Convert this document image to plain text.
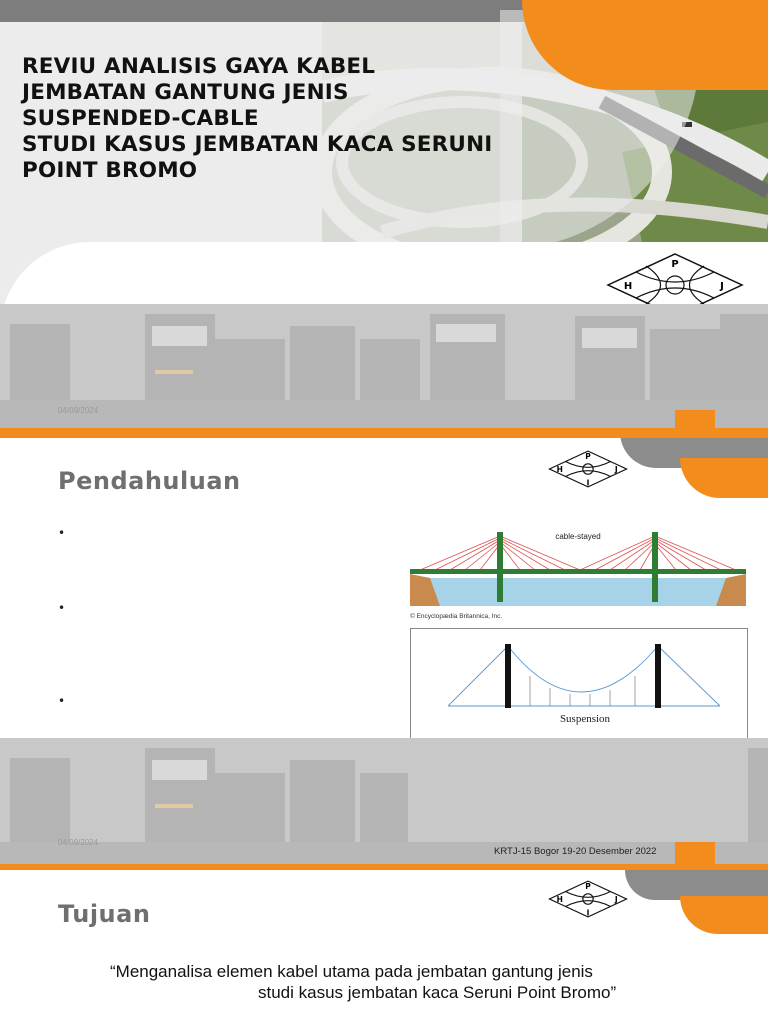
REVIU ANALISIS GAYA KABEL
JEMBATAN GANTUNG JENIS
SUSPENDED-CABLE
STUDI KASUS JEMBATAN KACA SERUNI
POINT BROMO
P
H	J
04/09/2024
Pendahuluan
P
H	J
I
•
•
•
cable-stayed
© Encyclopædia Britannica, Inc.
Suspension
04/09/2024
KRTJ-15 Bogor 19-20 Desember 2022
Tujuan
P
H	J
I
“Menganalisa elemen kabel utama pada jembatan gantung jenis
studi kasus jembatan kaca Seruni Point Bromo”
